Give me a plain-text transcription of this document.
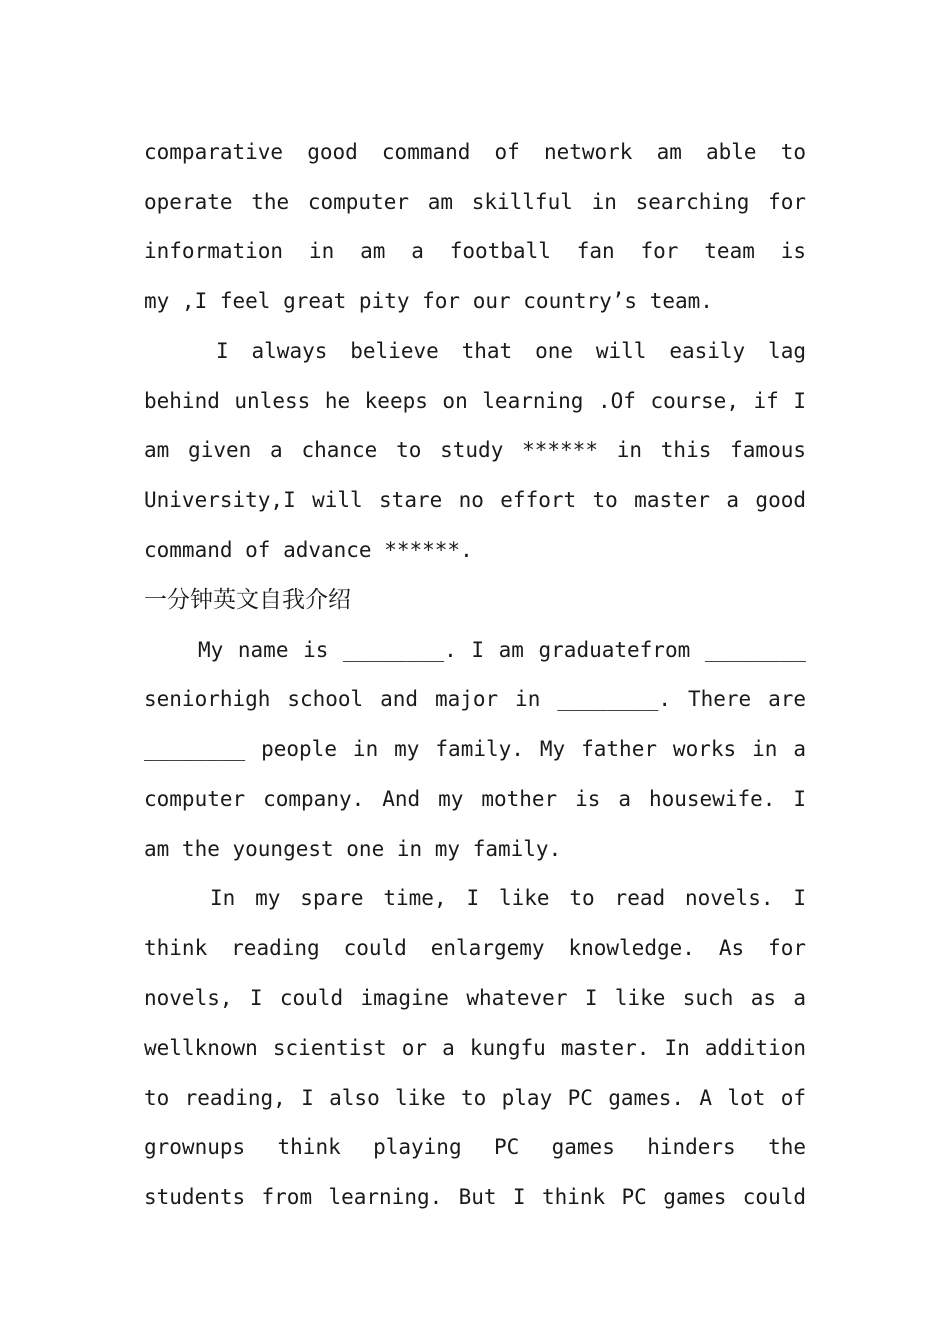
comparative good command of network am able to
operate the computer am skillful in searching for
information in am a football fan for team is
my ,I feel great pity for our country’s team.
I always believe that one will easily lag
behind unless he keeps on learning .Of course, if I
am given a chance to study ****** in this famous
University,I will stare no effort to master a good
command of advance ******.
一分钟英文自我介绍
My name is ________. I am graduatefrom ________
seniorhigh school and major in ________. There are
________ people in my family. My father works in a
computer company. And my mother is a housewife. I
am the youngest one in my family.
In my spare time, I like to read novels. I
think reading could enlargemy knowledge. As for
novels, I could imagine whatever I like such as a
wellknown scientist or a kungfu master. In addition
to reading, I also like to play PC games. A lot of
grownups think playing PC games hinders the
students from learning. But I think PC games could
